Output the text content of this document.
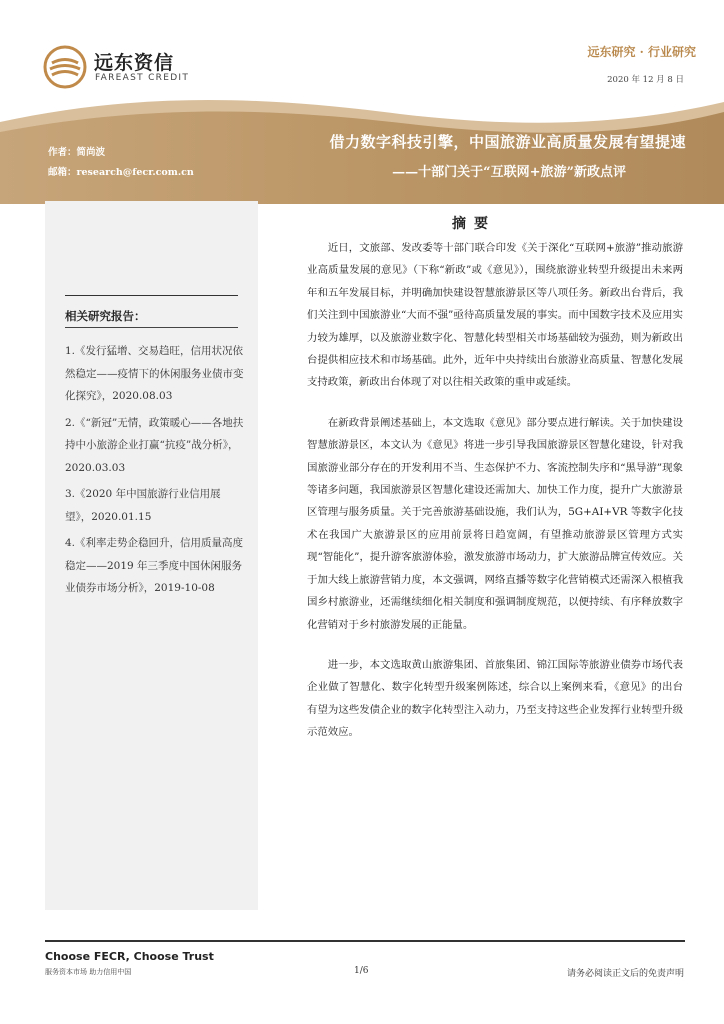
远东资信
FAREAST CREDIT
远东研究 · 行业研究
2020 年 12 月 8 日
作者：简尚波
邮箱：research@fecr.com.cn
借力数字科技引擎，中国旅游业高质量发展有望提速
——十部门关于“互联网+旅游”新政点评
相关研究报告：
1.《发行猛增、交易趋旺，信用状况依然稳定——疫情下的休闲服务业债市变化探究》，2020.08.03
2.《“新冠”无情，政策暖心——各地扶持中小旅游企业打赢“抗疫”战分析》，2020.03.03
3.《2020 年中国旅游行业信用展望》，2020.01.15
4.《利率走势企稳回升，信用质量高度稳定——2019 年三季度中国休闲服务业债券市场分析》，2019-10-08
摘要

近日，文旅部、发改委等十部门联合印发《关于深化“互联网+旅游”推动旅游业高质量发展的意见》（下称“新政”或《意见》），围绕旅游业转型升级提出未来两年和五年发展目标，并明确加快建设智慧旅游景区等八项任务。新政出台背后，我们关注到中国旅游业“大而不强”亟待高质量发展的事实。而中国数字技术及应用实力较为雄厚，以及旅游业数字化、智慧化转型相关市场基础较为强劲，则为新政出台提供相应技术和市场基础。此外，近年中央持续出台旅游业高质量、智慧化发展支持政策，新政出台体现了对以往相关政策的重申或延续。

在新政背景阐述基础上，本文选取《意见》部分要点进行解读。关于加快建设智慧旅游景区，本文认为《意见》将进一步引导我国旅游景区智慧化建设，针对我国旅游业部分存在的开发利用不当、生态保护不力、客流控制失序和“黑导游”现象等诸多问题，我国旅游景区智慧化建设还需加大、加快工作力度，提升广大旅游景区管理与服务质量。关于完善旅游基础设施，我们认为，5G+AI+VR 等数字化技术在我国广大旅游景区的应用前景将日趋宽阔，有望推动旅游景区管理方式实现“智能化”，提升游客旅游体验，激发旅游市场动力，扩大旅游品牌宣传效应。关于加大线上旅游营销力度，本文强调，网络直播等数字化营销模式还需深入根植我国乡村旅游业，还需继续细化相关制度和强调制度规范，以便持续、有序释放数字化营销对于乡村旅游发展的正能量。

进一步，本文选取黄山旅游集团、首旅集团、锦江国际等旅游业债券市场代表企业做了智慧化、数字化转型升级案例陈述，综合以上案例来看，《意见》的出台有望为这些发债企业的数字化转型注入动力，乃至支持这些企业发挥行业转型升级示范效应。

Choose FECR, Choose Trust
服务资本市场 助力信用中国	1/6	请务必阅读正文后的免责声明
